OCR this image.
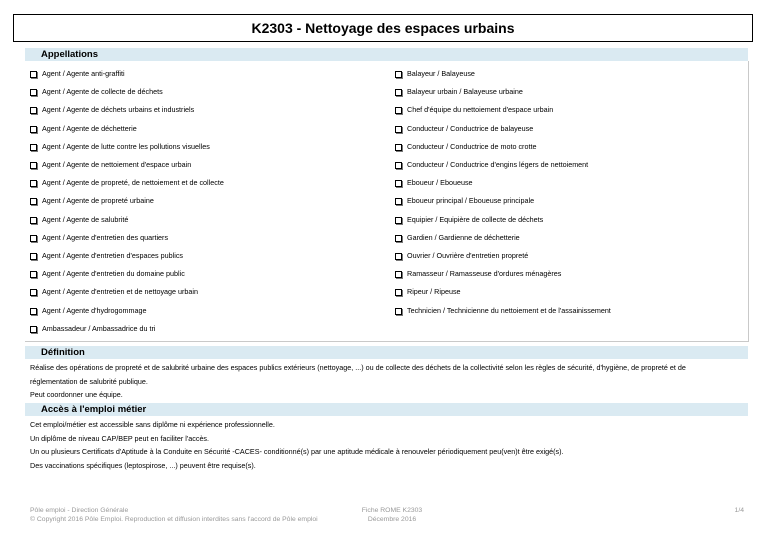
K2303 - Nettoyage des espaces urbains
Appellations
Agent / Agente anti-graffiti
Agent / Agente de collecte de déchets
Agent / Agente de déchets urbains et industriels
Agent / Agente de déchetterie
Agent / Agente de lutte contre les pollutions visuelles
Agent / Agente de nettoiement d'espace urbain
Agent / Agente de propreté, de nettoiement et de collecte
Agent / Agente de propreté urbaine
Agent / Agente de salubrité
Agent / Agente d'entretien des quartiers
Agent / Agente d'entretien d'espaces publics
Agent / Agente d'entretien du domaine public
Agent / Agente d'entretien et de nettoyage urbain
Agent / Agente d'hydrogommage
Ambassadeur / Ambassadrice du tri
Balayeur / Balayeuse
Balayeur urbain / Balayeuse urbaine
Chef d'équipe du nettoiement d'espace urbain
Conducteur / Conductrice de balayeuse
Conducteur / Conductrice de moto crotte
Conducteur / Conductrice d'engins légers de nettoiement
Eboueur / Eboueuse
Eboueur principal / Eboueuse principale
Equipier / Equipière de collecte de déchets
Gardien / Gardienne de déchetterie
Ouvrier / Ouvrière d'entretien propreté
Ramasseur / Ramasseuse d'ordures ménagères
Ripeur / Ripeuse
Technicien / Technicienne du nettoiement et de l'assainissement
Définition
Réalise des opérations de propreté et de salubrité urbaine des espaces publics extérieurs (nettoyage, ...) ou de collecte des déchets de la collectivité selon les règles de sécurité, d'hygiène, de propreté et de
réglementation de salubrité publique.
Peut coordonner une équipe.
Accès à l'emploi métier
Cet emploi/métier est accessible sans diplôme ni expérience professionnelle.
Un diplôme de niveau CAP/BEP peut en faciliter l'accès.
Un ou plusieurs Certificats d'Aptitude à la Conduite en Sécurité -CACES- conditionné(s) par une aptitude médicale à renouveler périodiquement peu(ven)t être exigé(s).
Des vaccinations spécifiques (leptospirose, ...) peuvent être requise(s).
Pôle emploi - Direction Générale
© Copyright 2016 Pôle Emploi. Reproduction et diffusion interdites sans l'accord de Pôle emploi
Fiche ROME K2303
Décembre 2016
1/4
